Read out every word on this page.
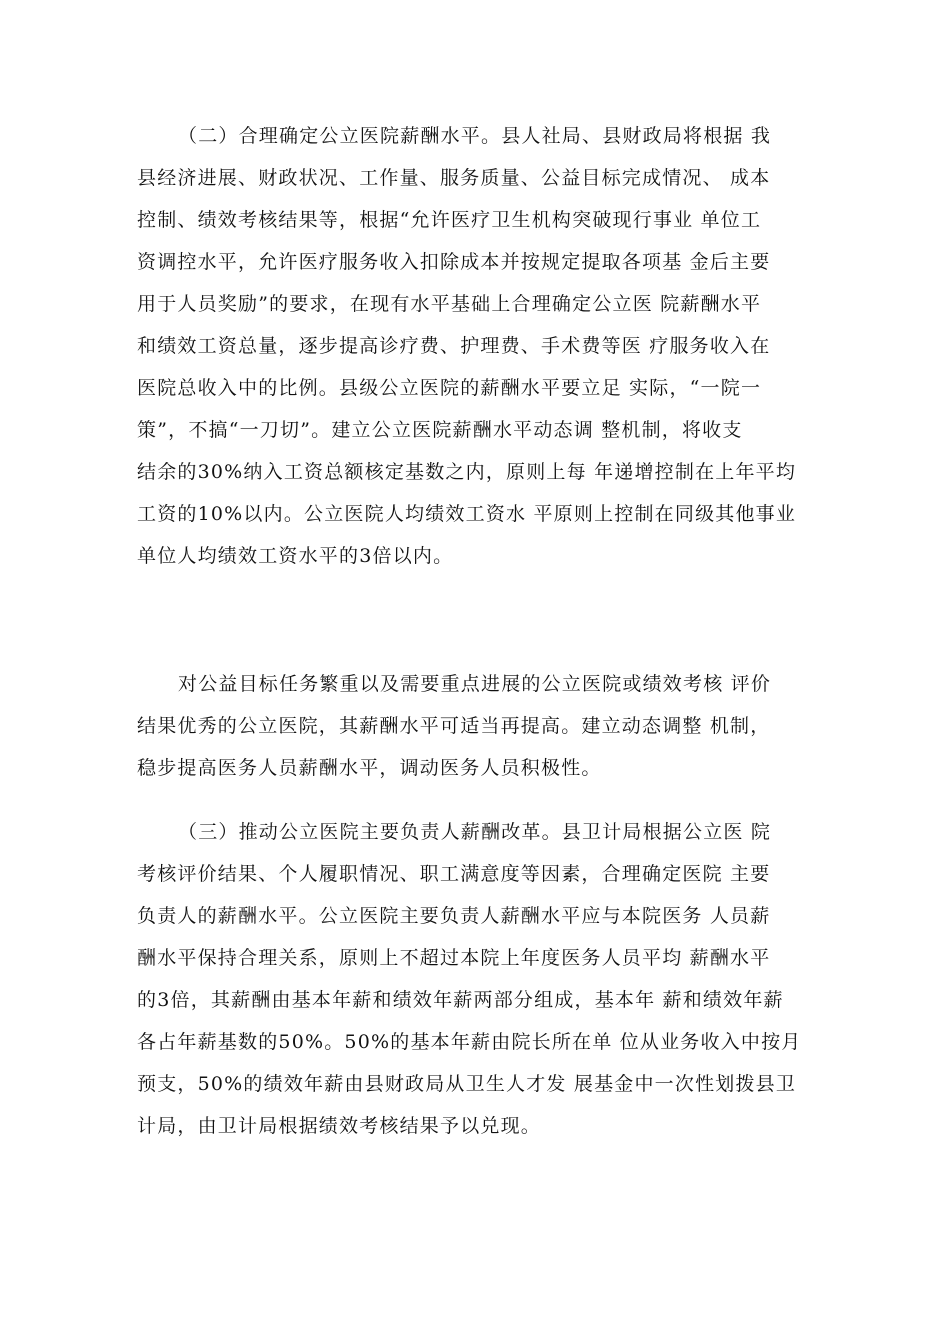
（二）合理确定公立医院薪酬水平。县人社局、县财政局将根据 我
县经济进展、财政状况、工作量、服务质量、公益目标完成情况、 成本
控制、绩效考核结果等，根据“允许医疗卫生机构突破现行事业 单位工
资调控水平，允许医疗服务收入扣除成本并按规定提取各项基 金后主要
用于人员奖励”的要求，在现有水平基础上合理确定公立医 院薪酬水平
和绩效工资总量，逐步提高诊疗费、护理费、手术费等医 疗服务收入在
医院总收入中的比例。县级公立医院的薪酬水平要立足 实际，“一院一
策”，不搞“一刀切”。建立公立医院薪酬水平动态调 整机制，将收支
结余的30%纳入工资总额核定基数之内，原则上每 年递增控制在上年平均
工资的10%以内。公立医院人均绩效工资水 平原则上控制在同级其他事业
单位人均绩效工资水平的3倍以内。
对公益目标任务繁重以及需要重点进展的公立医院或绩效考核 评价
结果优秀的公立医院，其薪酬水平可适当再提高。建立动态调整 机制，
稳步提高医务人员薪酬水平，调动医务人员积极性。
（三）推动公立医院主要负责人薪酬改革。县卫计局根据公立医 院
考核评价结果、个人履职情况、职工满意度等因素，合理确定医院 主要
负责人的薪酬水平。公立医院主要负责人薪酬水平应与本院医务 人员薪
酬水平保持合理关系，原则上不超过本院上年度医务人员平均 薪酬水平
的3倍，其薪酬由基本年薪和绩效年薪两部分组成，基本年 薪和绩效年薪
各占年薪基数的50%。50%的基本年薪由院长所在单 位从业务收入中按月
预支，50%的绩效年薪由县财政局从卫生人才发 展基金中一次性划拨县卫
计局，由卫计局根据绩效考核结果予以兑现。
